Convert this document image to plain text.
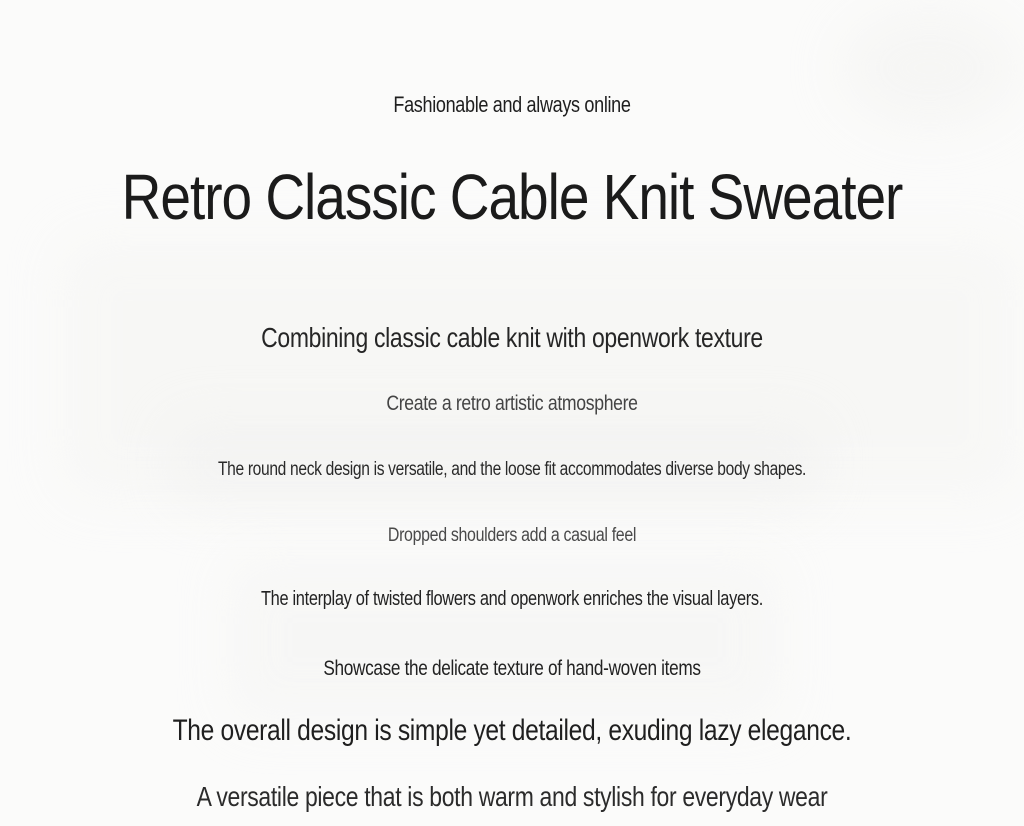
Fashionable and always online
Retro Classic Cable Knit Sweater
Combining classic cable knit with openwork texture
Create a retro artistic atmosphere
The round neck design is versatile, and the loose fit accommodates diverse body shapes.
Dropped shoulders add a casual feel
The interplay of twisted flowers and openwork enriches the visual layers.
Showcase the delicate texture of hand-woven items
The overall design is simple yet detailed, exuding lazy elegance.
A versatile piece that is both warm and stylish for everyday wear
